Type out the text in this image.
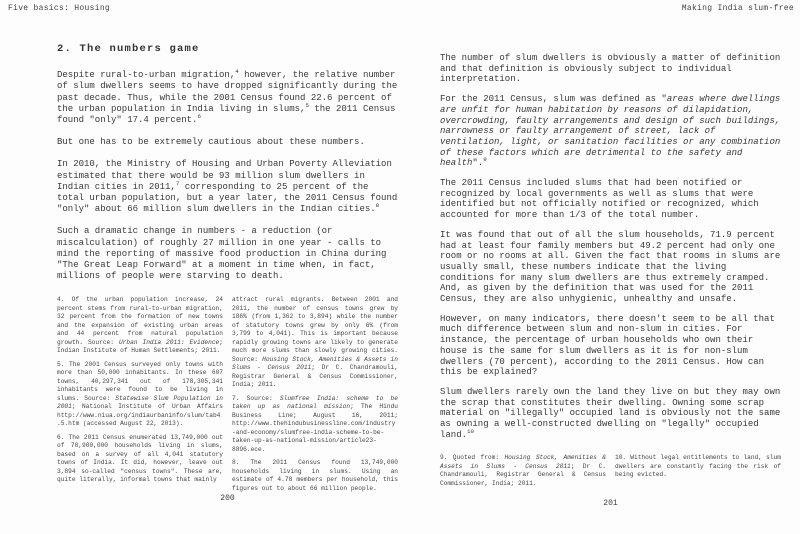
Five basics: Housing
2. The numbers game

Despite rural-to-urban migration,$^4$ however, the relative number of slum dwellers seems to have dropped significantly during the past decade. Thus, while the 2001 Census found 22.6 percent of the urban population in India living in slums,$^5$ the 2011 Census found "only" 17.4 percent.$^6$

But one has to be extremely cautious about these numbers.

In 2010, the Ministry of Housing and Urban Poverty Alleviation estimated that there would be 93 million slum dwellers in Indian cities in 2011,$^7$ corresponding to 25 percent of the total urban population, but a year later, the 2011 Census found "only" about 66 million slum dwellers in the Indian cities.$^8$

Such a dramatic change in numbers - a reduction (or miscalculation) of roughly 27 million in one year - calls to mind the reporting of massive food production in China during "The Great Leap Forward" at a moment in time when, in fact, millions of people were starving to death.

4. Of the urban population increase, 24 percent stems from rural-to-urban migration, 32 percent from the formation of new towns and the expansion of existing urban areas and 44 percent from natural population growth. Source: Urban India 2011: Evidence; Indian Institute of Human Settlements; 2011.

5. The 2001 Census surveyed only towns with more than 50,000 inhabitants. In these 607 towns, 40,297,341 out of 178,305,341 inhabitants were found to be living in slums. Source: Statewise Slum Population in 2001; National Institute of Urban Affairs http://www.niua.org/indiaurbaninfo/slum/tab4.5.htm (accessed August 22, 2013).

6. The 2011 Census enumerated 13,749,000 out of 78,900,000 households living in slums, based on a survey of all 4,041 statutory towns of India. It did, however, leave out 3,894 so-called "census towns". These are, quite literally, informal towns that mainly

attract rural migrants. Between 2001 and 2011, the number of census towns grew by 186% (from 1,362 to 3,894) while the number of statutory towns grew by only 6% (from 3,799 to 4,041). This is important because rapidly growing towns are likely to generate much more slums than slowly growing cities. Source: Housing Stock, Amenities & Assets in Slums - Census 2011; Dr C. Chandramouli, Registrar General & Census Commissioner, India; 2011.

7. Source: Slumfree India: scheme to be taken up as national mission; The Hindu Business Line; August 16, 2011; http://www.thehindubusinessline.com/industry-and-economy/slumfree-india-scheme-to-be-taken-up-as-national-mission/article23-8896.ece.

8. The 2011 Census found 13,749,000 households living in slums. Using an estimate of 4.78 members per household, this figures out to about 66 million people.

200
Making India slum-free

The number of slum dwellers is obviously a matter of definition and that definition is obviously subject to individual interpretation.

For the 2011 Census, slum was defined as "areas where dwellings are unfit for human habitation by reasons of dilapidation, overcrowding, faulty arrangements and design of such buildings, narrowness or faulty arrangement of street, lack of ventilation, light, or sanitation facilities or any combination of these factors which are detrimental to the safety and health".$^9$

The 2011 Census included slums that had been notified or recognized by local governments as well as slums that were identified but not officially notified or recognized, which accounted for more than 1/3 of the total number.

It was found that out of all the slum households, 71.9 percent had at least four family members but 49.2 percent had only one room or no rooms at all. Given the fact that rooms in slums are usually small, these numbers indicate that the living conditions for many slum dwellers are thus extremely cramped. And, as given by the definition that was used for the 2011 Census, they are also unhygienic, unhealthy and unsafe.

However, on many indicators, there doesn't seem to be all that much difference between slum and non-slum in cities. For instance, the percentage of urban households who own their house is the same for slum dwellers as it is for non-slum dwellers (70 percent), according to the 2011 Census. How can this be explained?

Slum dwellers rarely own the land they live on but they may own the scrap that constitutes their dwelling. Owning some scrap material on "illegally" occupied land is obviously not the same as owning a well-constructed dwelling on "legally" occupied land.$^{10}$

9. Quoted from: Housing Stock, Amenities & Assets in Slums - Census 2011; Dr C. Chandramouli, Registrar General & Census Commissioner, India; 2011.

10. Without legal entitlements to land, slum dwellers are constantly facing the risk of being evicted.

201
